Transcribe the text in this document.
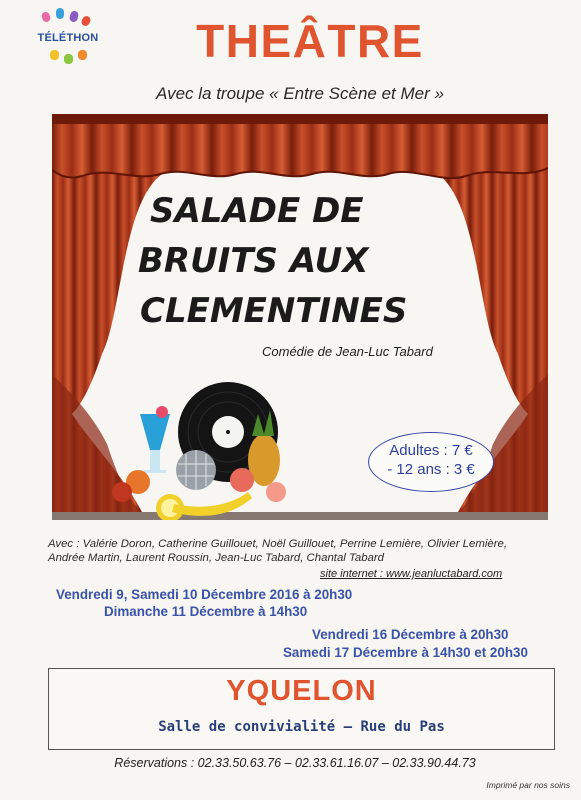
TÉLÉTHON	THEÂTRE
Avec la troupe « Entre Scène et Mer »
SALADE DE
BRUITS AUX
CLEMENTINES
Comédie de Jean-Luc Tabard
Adultes : 7 €
- 12 ans : 3 €
Avec : Valérie Doron, Catherine Guillouet, Noël Guillouet, Perrine Lemière, Olivier Lemière,
Andrée Martin, Laurent Roussin, Jean-Luc Tabard, Chantal Tabard
site internet : www.jeanluctabard.com
Vendredi 9, Samedi 10 Décembre 2016 à 20h30
Dimanche 11 Décembre à 14h30
Vendredi 16 Décembre à 20h30
Samedi 17 Décembre à 14h30 et 20h30
YQUELON
Salle de convivialité – Rue du Pas
Réservations : 02.33.50.63.76 – 02.33.61.16.07 – 02.33.90.44.73
Imprimé par nos soins
